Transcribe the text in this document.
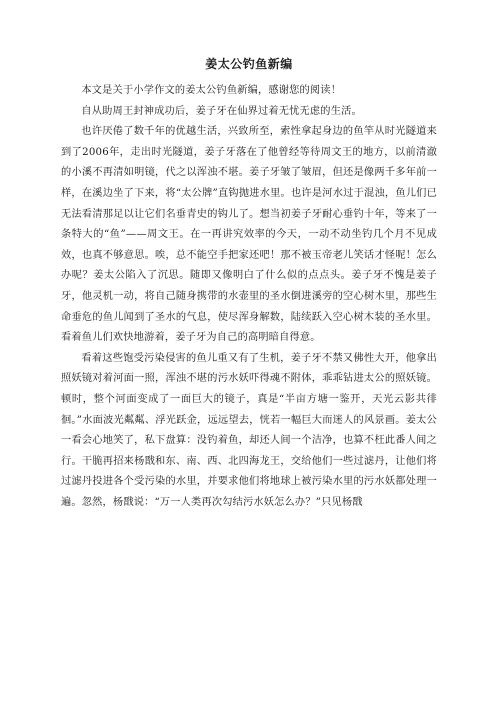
姜太公钓鱼新编

本文是关于小学作文的姜太公钓鱼新编，感谢您的阅读！

自从助周王封神成功后，姜子牙在仙界过着无忧无虑的生活。

也许厌倦了数千年的优越生活，兴致所至，索性拿起身边的鱼竿从时光隧道来到了2006年，走出时光隧道，姜子牙落在了他曾经等待周文王的地方，以前清澈的小溪不再清如明镜，代之以浑浊不堪。姜子牙皱了皱眉，但还是像两千多年前一样，在溪边坐了下来，将“太公牌”直钩抛进水里。也许是河水过于混浊，鱼儿们已无法看清那足以让它们名垂青史的钩儿了。想当初姜子牙耐心垂钓十年，等来了一条特大的“鱼”——周文王。在一再讲究效率的今天，一动不动坐钓几个月不见成效，也真不够意思。唉，总不能空手把家还吧！那不被玉帝老儿笑话才怪呢！怎么办呢？姜太公陷入了沉思。随即又像明白了什么似的点点头。姜子牙不愧是姜子牙，他灵机一动，将自己随身携带的水壶里的圣水倒进溪旁的空心树木里，那些生命垂危的鱼儿闻到了圣水的气息，使尽浑身解数，陆续跃入空心树木装的圣水里。看着鱼儿们欢快地游着，姜子牙为自己的高明暗自得意。

看着这些饱受污染侵害的鱼儿重又有了生机，姜子牙不禁又佛性大开，他拿出照妖镜对着河面一照，浑浊不堪的污水妖吓得魂不附体，乖乖钻进太公的照妖镜。顿时，整个河面变成了一面巨大的镜子，真是“半亩方塘一鉴开，天光云影共徘徊。”水面波光粼粼、浮光跃金，远远望去，恍若一幅巨大而迷人的风景画。姜太公一看会心地笑了，私下盘算：没钓着鱼，却还人间一个洁净，也算不枉此番人间之行。干脆再招来杨戬和东、南、西、北四海龙王，交给他们一些过滤丹，让他们将过滤丹投进各个受污染的水里，并要求他们将地球上被污染水里的污水妖都处理一遍。忽然，杨戬说：“万一人类再次勾结污水妖怎么办？”只见杨戬
